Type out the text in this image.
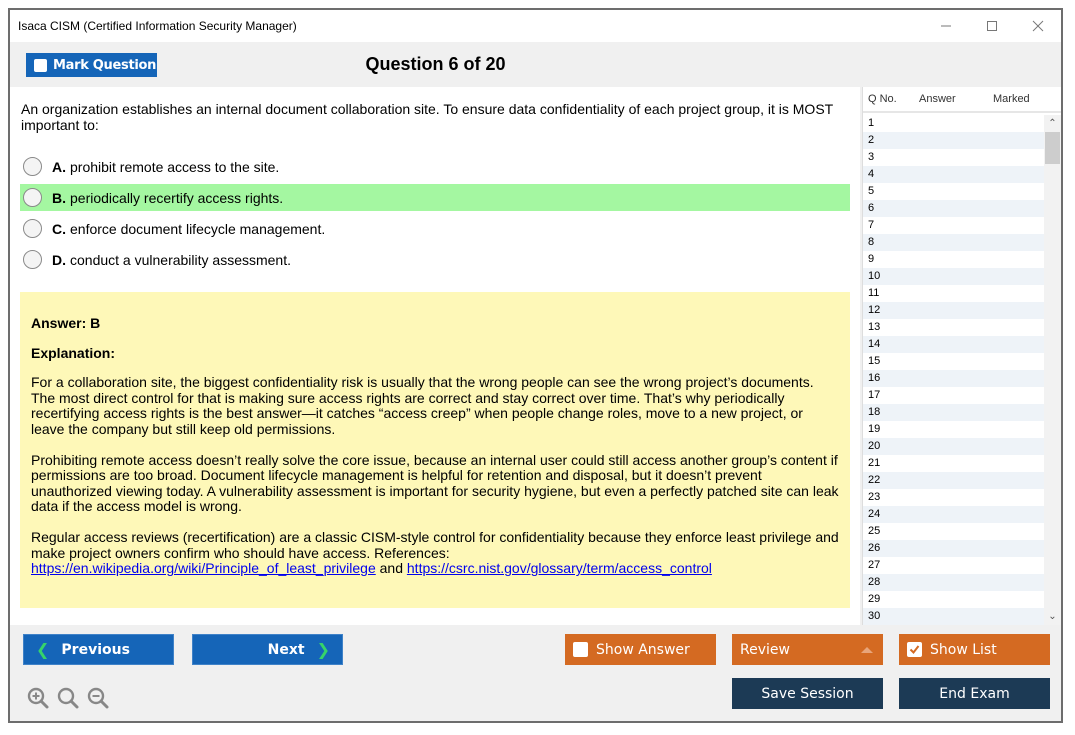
Isaca CISM (Certified Information Security Manager)
Mark Question	Question 6 of 20
An organization establishes an internal document collaboration site. To ensure data confidentiality of each project group, it is MOST important to:
A. prohibit remote access to the site.
B. periodically recertify access rights.
C. enforce document lifecycle management.
D. conduct a vulnerability assessment.
Answer: B
Explanation:

For a collaboration site, the biggest confidentiality risk is usually that the wrong people can see the wrong project’s documents. The most direct control for that is making sure access rights are correct and stay correct over time. That’s why periodically recertifying access rights is the best answer—it catches “access creep” when people change roles, move to a new project, or leave the company but still keep old permissions.

Prohibiting remote access doesn’t really solve the core issue, because an internal user could still access another group’s content if permissions are too broad. Document lifecycle management is helpful for retention and disposal, but it doesn’t prevent unauthorized viewing today. A vulnerability assessment is important for security hygiene, but even a perfectly patched site can leak data if the access model is wrong.

Regular access reviews (recertification) are a classic CISM-style control for confidentiality because they enforce least privilege and make project owners confirm who should have access. References:
https://en.wikipedia.org/wiki/Principle_of_least_privilege and https://csrc.nist.gov/glossary/term/access_control

Q No.	Answer	Marked
1
2
3
4
5
6
7
8
9
10
11
12
13
14
15
16
17
18
19
20
21
22
23
24
25
26
27
28
29
30
⌃
⌄
❮ Previous	Next ❯	Show Answer	Review	Show List
Save Session	End Exam
